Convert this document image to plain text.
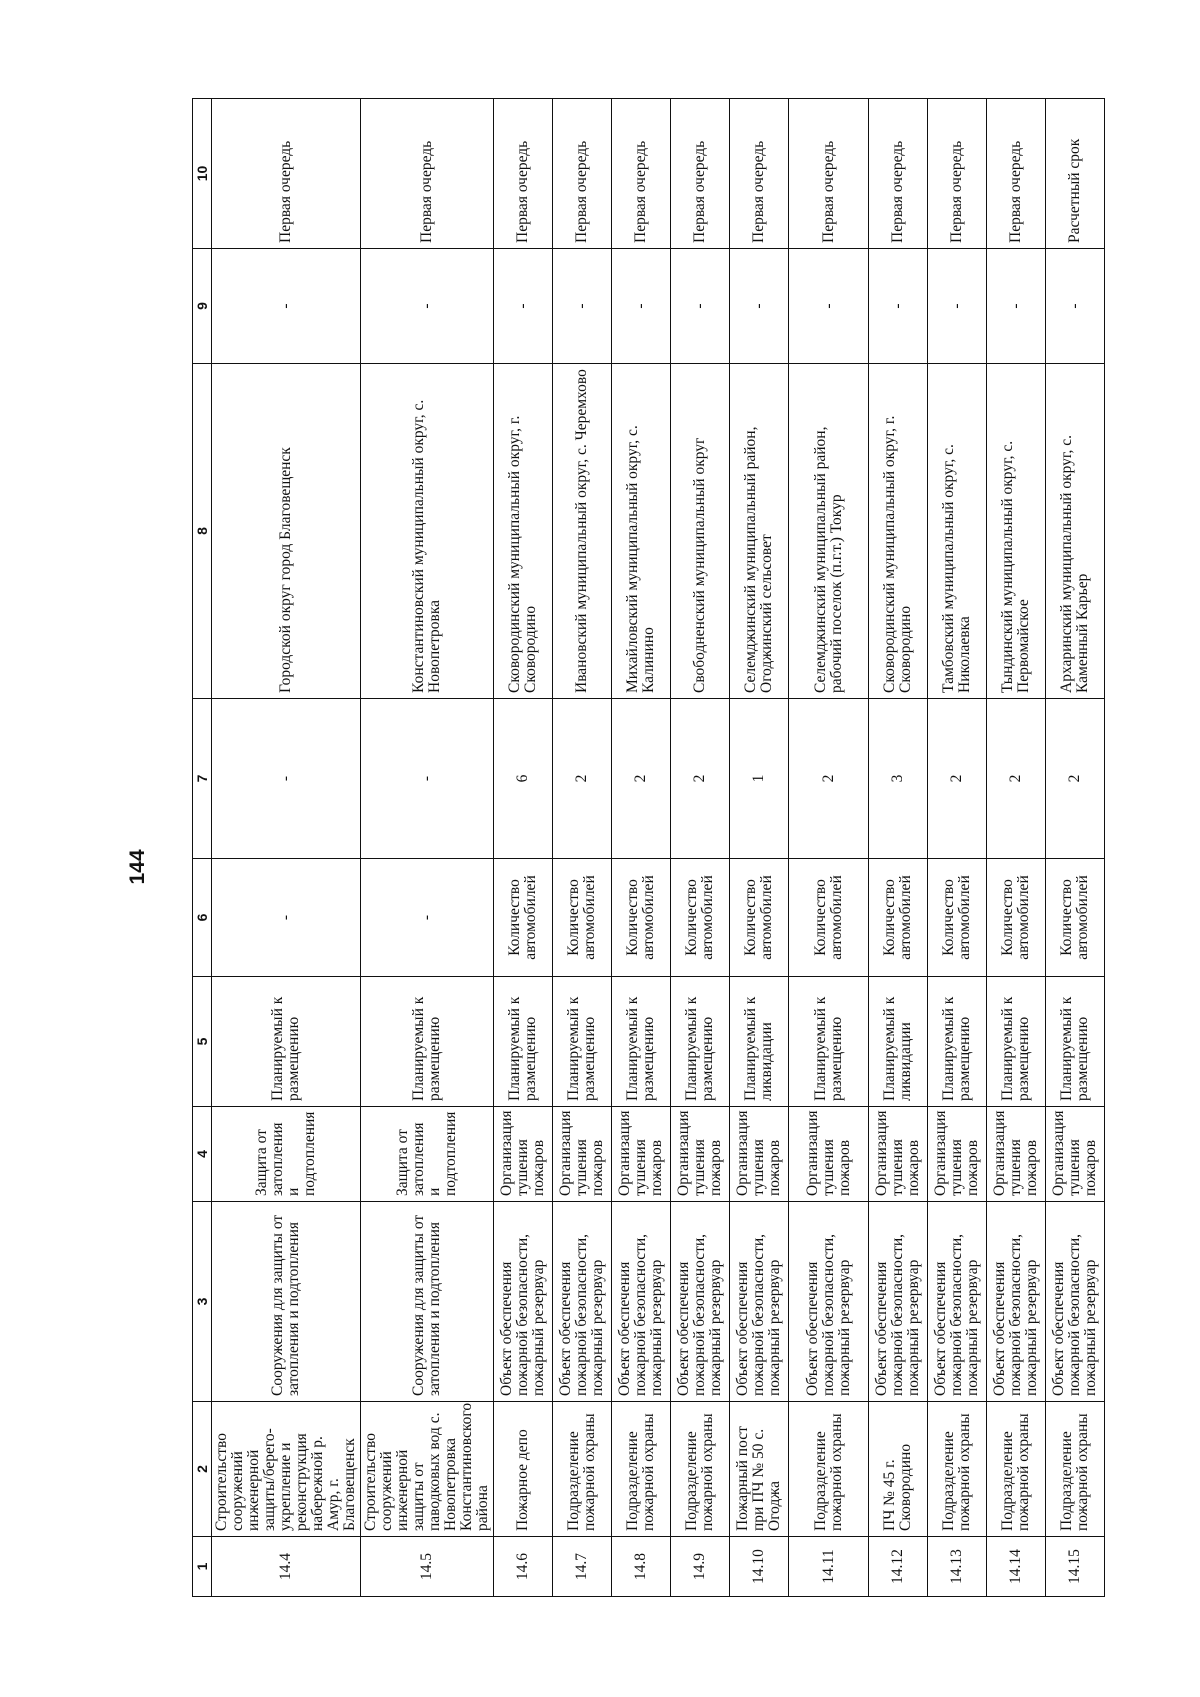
144
1	2	3	4	5	6	7	8	9	10
14.4	Строительство сооружений инженерной защиты/берего-укрепление и реконструкция набережной р. Амур, г. Благовещенск	Сооружения для защиты от затопления и подтопления	Защита от затопления и подтопления	Планируемый к размещению	-	-	Городской округ город Благовещенск	-	Первая очередь
14.5	Строительство сооружений инженерной защиты от паводковых вод с. Новопетровка Константиновского района	Сооружения для защиты от затопления и подтопления	Защита от затопления и подтопления	Планируемый к размещению	-	-	Константиновский муниципальный округ, с. Новопетровка	-	Первая очередь
14.6	Пожарное депо	Объект обеспечения пожарной безопасности, пожарный резервуар	Организация тушения пожаров	Планируемый к размещению	Количество автомобилей	6	Сковородинский муниципальный округ, г. Сковородино	-	Первая очередь
14.7	Подразделение пожарной охраны	Объект обеспечения пожарной безопасности, пожарный резервуар	Организация тушения пожаров	Планируемый к размещению	Количество автомобилей	2	Ивановский муниципальный округ, с. Черемхово	-	Первая очередь
14.8	Подразделение пожарной охраны	Объект обеспечения пожарной безопасности, пожарный резервуар	Организация тушения пожаров	Планируемый к размещению	Количество автомобилей	2	Михайловский муниципальный округ, с. Калинино	-	Первая очередь
14.9	Подразделение пожарной охраны	Объект обеспечения пожарной безопасности, пожарный резервуар	Организация тушения пожаров	Планируемый к размещению	Количество автомобилей	2	Свободненский муниципальный округ	-	Первая очередь
14.10	Пожарный пост при ПЧ № 50 с. Огоджа	Объект обеспечения пожарной безопасности, пожарный резервуар	Организация тушения пожаров	Планируемый к ликвидации	Количество автомобилей	1	Селемджинский муниципальный район, Огоджинский сельсовет	-	Первая очередь
14.11	Подразделение пожарной охраны	Объект обеспечения пожарной безопасности, пожарный резервуар	Организация тушения пожаров	Планируемый к размещению	Количество автомобилей	2	Селемджинский муниципальный район, рабочий поселок (п.г.т.) Токур	-	Первая очередь
14.12	ПЧ № 45 г. Сковородино	Объект обеспечения пожарной безопасности, пожарный резервуар	Организация тушения пожаров	Планируемый к ликвидации	Количество автомобилей	3	Сковородинский муниципальный округ, г. Сковородино	-	Первая очередь
14.13	Подразделение пожарной охраны	Объект обеспечения пожарной безопасности, пожарный резервуар	Организация тушения пожаров	Планируемый к размещению	Количество автомобилей	2	Тамбовский муниципальный округ, с. Николаевка	-	Первая очередь
14.14	Подразделение пожарной охраны	Объект обеспечения пожарной безопасности, пожарный резервуар	Организация тушения пожаров	Планируемый к размещению	Количество автомобилей	2	Тындинский муниципальный округ, с. Первомайское	-	Первая очередь
14.15	Подразделение пожарной охраны	Объект обеспечения пожарной безопасности, пожарный резервуар	Организация тушения пожаров	Планируемый к размещению	Количество автомобилей	2	Архаринский муниципальный округ, с. Каменный Карьер	-	Расчетный срок
